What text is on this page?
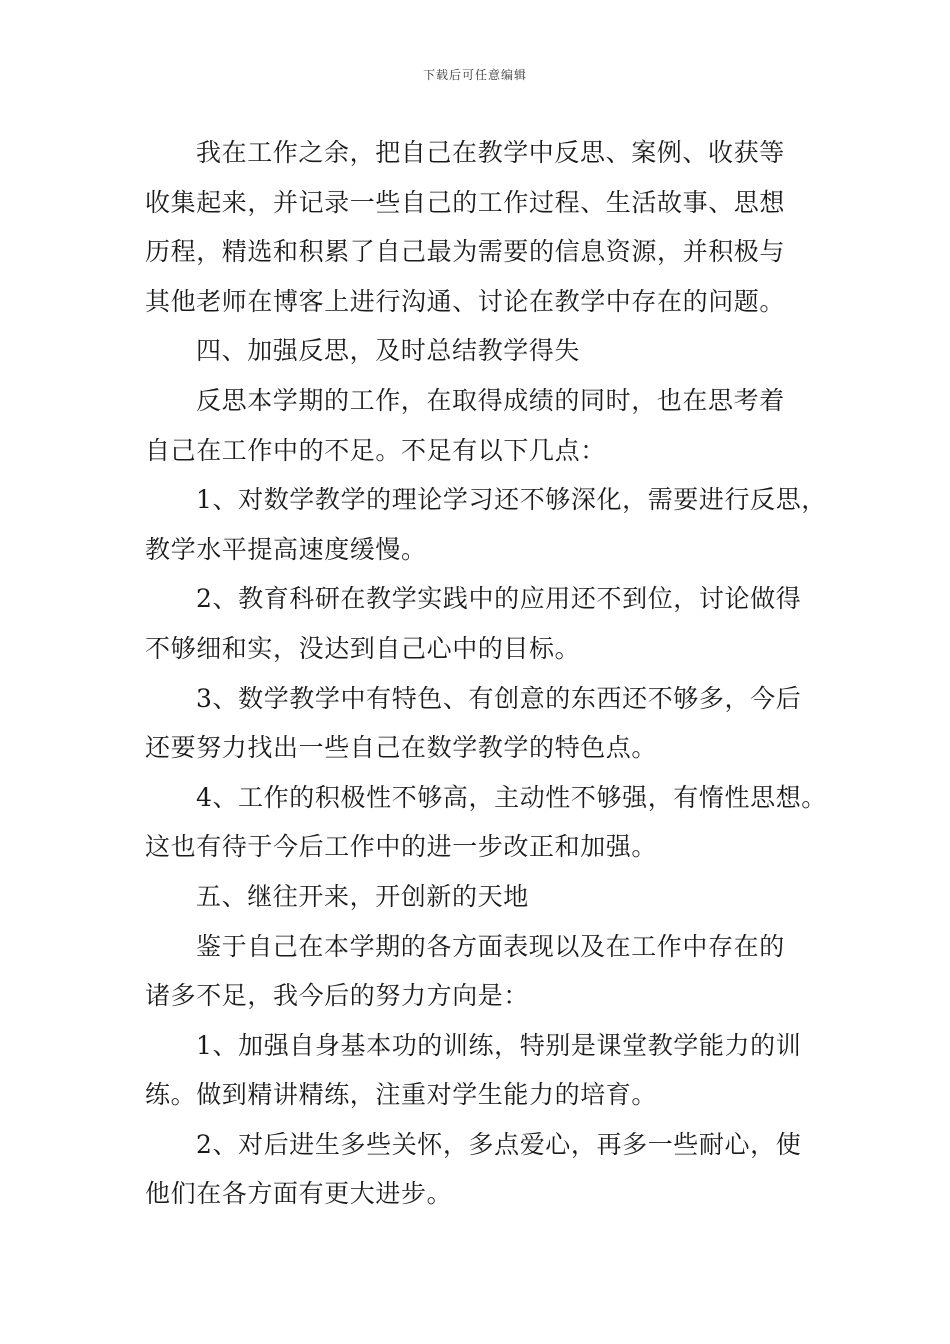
下载后可任意编辑
我在工作之余，把自己在教学中反思、案例、收获等
收集起来，并记录一些自己的工作过程、生活故事、思想
历程，精选和积累了自己最为需要的信息资源，并积极与
其他老师在博客上进行沟通、讨论在教学中存在的问题。
四、加强反思，及时总结教学得失
反思本学期的工作，在取得成绩的同时，也在思考着
自己在工作中的不足。不足有以下几点：
1、对数学教学的理论学习还不够深化，需要进行反思，
教学水平提高速度缓慢。
2、教育科研在教学实践中的应用还不到位，讨论做得
不够细和实，没达到自己心中的目标。
3、数学教学中有特色、有创意的东西还不够多，今后
还要努力找出一些自己在数学教学的特色点。
4、工作的积极性不够高，主动性不够强，有惰性思想。
这也有待于今后工作中的进一步改正和加强。
五、继往开来，开创新的天地
鉴于自己在本学期的各方面表现以及在工作中存在的
诸多不足，我今后的努力方向是：
1、加强自身基本功的训练，特别是课堂教学能力的训
练。做到精讲精练，注重对学生能力的培育。
2、对后进生多些关怀，多点爱心，再多一些耐心，使
他们在各方面有更大进步。
